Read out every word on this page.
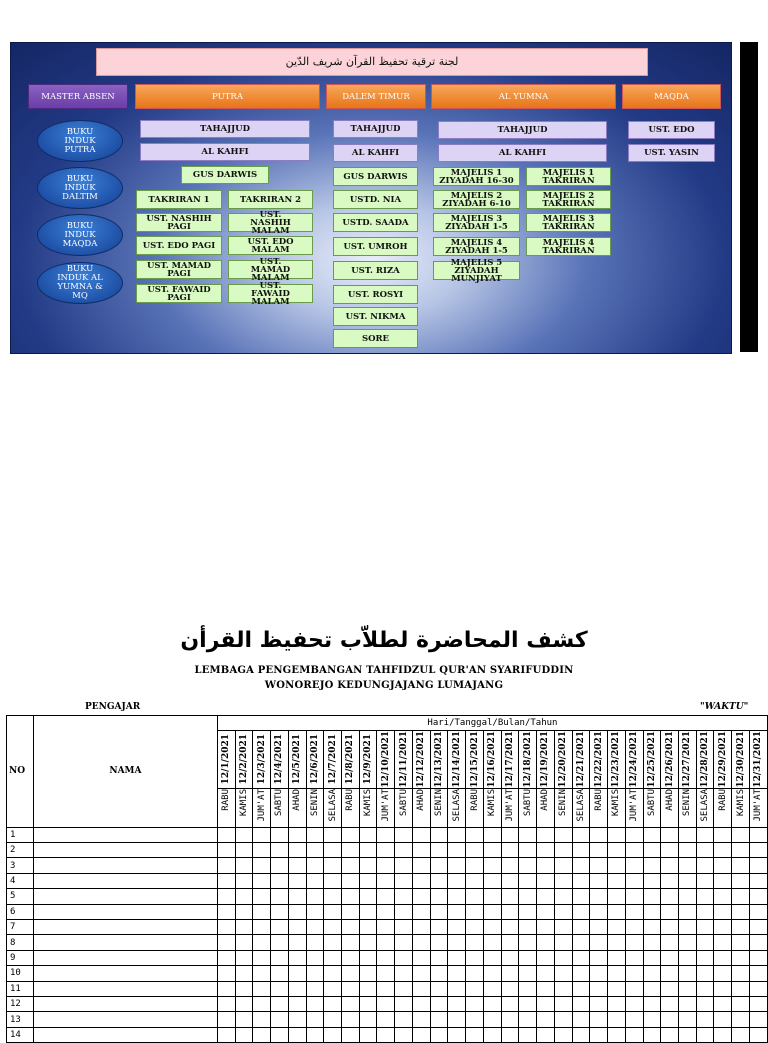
لجنة ترقية تحفيظ القرآن شريف الدّين
MASTER ABSEN	PUTRA	DALEM TIMUR	AL YUMNA	MAQDA
BUKU INDUK PUTRA
BUKU INDUK DALTIM
BUKU INDUK MAQDA
BUKU INDUK AL YUMNA & MQ
TAHAJJUD
AL KAHFI
GUS DARWIS
TAKRIRAN 1
UST. NASHIH PAGI
UST. EDO PAGI
UST. MAMAD PAGI
UST. FAWAID PAGI
TAKRIRAN 2
UST. NASHIH MALAM
UST. EDO MALAM
UST. MAMAD MALAM
UST. FAWAID MALAM
TAHAJJUD
AL KAHFI
GUS DARWIS
USTD. NIA
USTD. SAADA
UST. UMROH
UST. RIZA
UST. ROSYI
UST. NIKMA
SORE
TAHAJJUD
AL KAHFI
MAJELIS 1 ZIYADAH 16-30
MAJELIS 2 ZIYADAH 6-10
MAJELIS 3 ZIYADAH 1-5
MAJELIS 4 ZIYADAH 1-5
MAJELIS 5 ZIYADAH MUNJIYAT
MAJELIS 1 TAKRIRAN
MAJELIS 2 TAKRIRAN
MAJELIS 3 TAKRIRAN
MAJELIS 4 TAKRIRAN
UST. EDO
UST. YASIN
كشف المحاضرة لطلاّب تحفيظ القرأن
LEMBAGA PENGEMBANGAN TAHFIDZUL QUR'AN SYARIFUDDIN
WONOREJO KEDUNGJAJANG LUMAJANG
PENGAJAR	"WAKTU"
NO	NAMA	Hari/Tanggal/Bulan/Tahun																														

		12/1/2021	12/2/2021	12/3/2021	12/4/2021	12/5/2021	12/6/2021	12/7/2021	12/8/2021	12/9/2021	12/10/2021	12/11/2021	12/12/2021	12/13/2021	12/14/2021	12/15/2021	12/16/2021	12/17/2021	12/18/2021	12/19/2021	12/20/2021	12/21/2021	12/22/2021	12/23/2021	12/24/2021	12/25/2021	12/26/2021	12/27/2021	12/28/2021	12/29/2021	12/30/2021	12/31/2021

		RABU	KAMIS	JUM'AT	SABTU	AHAD	SENIN	SELASA	RABU	KAMIS	JUM'AT	SABTU	AHAD	SENIN	SELASA	RABU	KAMIS	JUM'AT	SABTU	AHAD	SENIN	SELASA	RABU	KAMIS	JUM'AT	SABTU	AHAD	SENIN	SELASA	RABU	KAMIS	JUM'AT

1																																
2																																
3																																
4																																
5																																
6																																
7																																
8																																
9																																
10																																
11																																
12																																
13																																
14																																
